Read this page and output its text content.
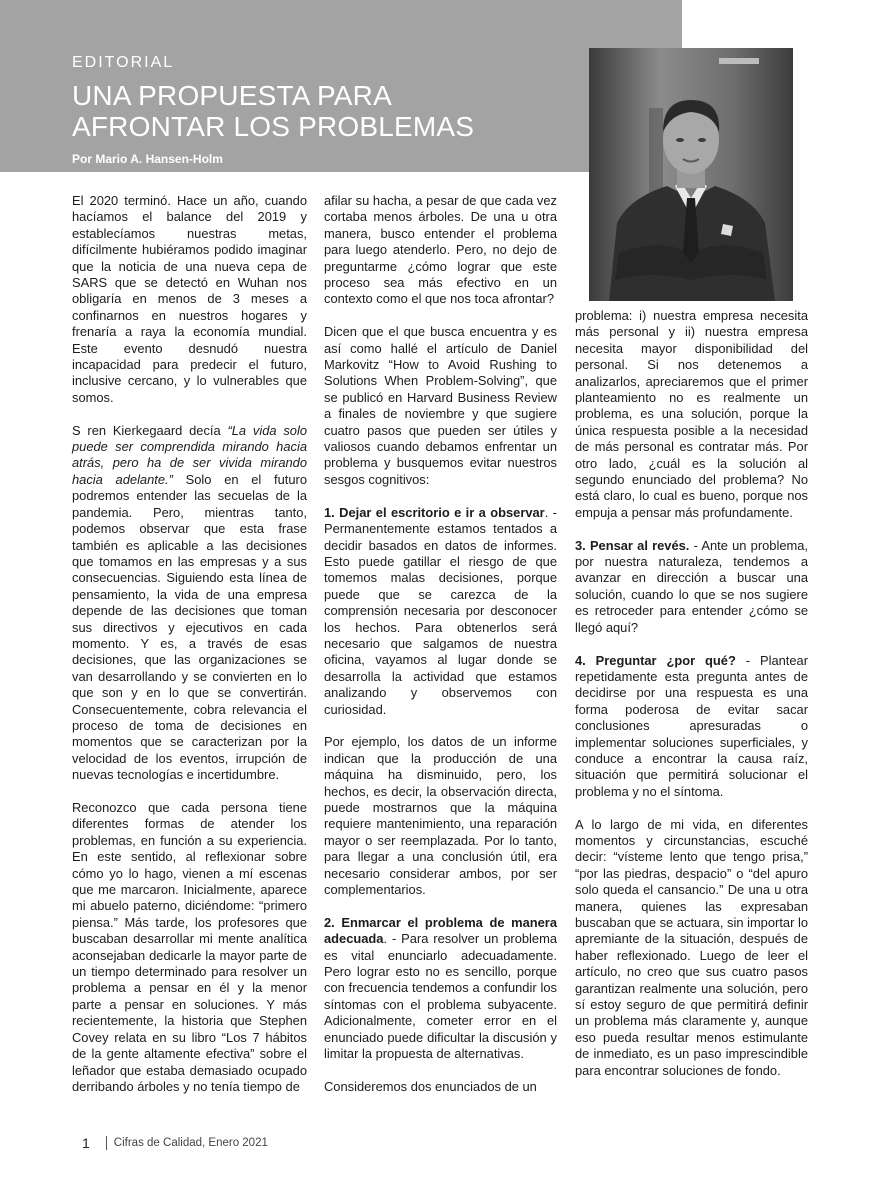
EDITORIAL
UNA PROPUESTA PARA
AFRONTAR LOS PROBLEMAS
Por Mario A. Hansen-Holm

El 2020 terminó. Hace un año, cuando hacíamos el balance del 2019 y establecíamos nuestras metas, difícilmente hubiéramos podido imaginar que la noticia de una nueva cepa de SARS que se detectó en Wuhan nos obligaría en menos de 3 meses a confinarnos en nuestros hogares y frenaría a raya la economía mundial. Este evento desnudó nuestra incapacidad para predecir el futuro, inclusive cercano, y lo vulnerables que somos.

S ren Kierkegaard decía “La vida solo puede ser comprendida mirando hacia atrás, pero ha de ser vivida mirando hacia adelante.” Solo en el futuro podremos entender las secuelas de la pandemia. Pero, mientras tanto, podemos observar que esta frase también es aplicable a las decisiones que tomamos en las empresas y a sus consecuencias. Siguiendo esta línea de pensamiento, la vida de una empresa depende de las decisiones que toman sus directivos y ejecutivos en cada momento. Y es, a través de esas decisiones, que las organizaciones se van desarrollando y se convierten en lo que son y en lo que se convertirán. Consecuentemente, cobra relevancia el proceso de toma de decisiones en momentos que se caracterizan por la velocidad de los eventos, irrupción de nuevas tecnologías e incertidumbre.

Reconozco que cada persona tiene diferentes formas de atender los problemas, en función a su experiencia. En este sentido, al reflexionar sobre cómo yo lo hago, vienen a mí escenas que me marcaron. Inicialmente, aparece mi abuelo paterno, diciéndome: “primero piensa.” Más tarde, los profesores que buscaban desarrollar mi mente analítica aconsejaban dedicarle la mayor parte de un tiempo determinado para resolver un problema a pensar en él y la menor parte a pensar en soluciones. Y más recientemente, la historia que Stephen Covey relata en su libro “Los 7 hábitos de la gente altamente efectiva” sobre el leñador que estaba demasiado ocupado derribando árboles y no tenía tiempo de

afilar su hacha, a pesar de que cada vez cortaba menos árboles. De una u otra manera, busco entender el problema para luego atenderlo. Pero, no dejo de preguntarme ¿cómo lograr que este proceso sea más efectivo en un contexto como el que nos toca afrontar?

Dicen que el que busca encuentra y es así como hallé el artículo de Daniel Markovitz “How to Avoid Rushing to Solutions When Problem-Solving”, que se publicó en Harvard Business Review a finales de noviembre y que sugiere cuatro pasos que pueden ser útiles y valiosos cuando debamos enfrentar un problema y busquemos evitar nuestros sesgos cognitivos:

1. Dejar el escritorio e ir a observar. - Permanentemente estamos tentados a decidir basados en datos de informes. Esto puede gatillar el riesgo de que tomemos malas decisiones, porque puede que se carezca de la comprensión necesaria por desconocer los hechos. Para obtenerlos será necesario que salgamos de nuestra oficina, vayamos al lugar donde se desarrolla la actividad que estamos analizando y observemos con curiosidad.

Por ejemplo, los datos de un informe indican que la producción de una máquina ha disminuido, pero, los hechos, es decir, la observación directa, puede mostrarnos que la máquina requiere mantenimiento, una reparación mayor o ser reemplazada. Por lo tanto, para llegar a una conclusión útil, era necesario considerar ambos, por ser complementarios.

2. Enmarcar el problema de manera adecuada. - Para resolver un problema es vital enunciarlo adecuadamente. Pero lograr esto no es sencillo, porque con frecuencia tendemos a confundir los síntomas con el problema subyacente. Adicionalmente, cometer error en el enunciado puede dificultar la discusión y limitar la propuesta de alternativas.

Consideremos dos enunciados de un

problema: i) nuestra empresa necesita más personal y ii) nuestra empresa necesita mayor disponibilidad del personal. Si nos detenemos a analizarlos, apreciaremos que el primer planteamiento no es realmente un problema, es una solución, porque la única respuesta posible a la necesidad de más personal es contratar más. Por otro lado, ¿cuál es la solución al segundo enunciado del problema? No está claro, lo cual es bueno, porque nos empuja a pensar más profundamente.

3. Pensar al revés. - Ante un problema, por nuestra naturaleza, tendemos a avanzar en dirección a buscar una solución, cuando lo que se nos sugiere es retroceder para entender ¿cómo se llegó aquí?

4. Preguntar ¿por qué? - Plantear repetidamente esta pregunta antes de decidirse por una respuesta es una forma poderosa de evitar sacar conclusiones apresuradas o implementar soluciones superficiales, y conduce a encontrar la causa raíz, situación que permitirá solucionar el problema y no el síntoma.

A lo largo de mi vida, en diferentes momentos y circunstancias, escuché decir: “vísteme lento que tengo prisa,” “por las piedras, despacio” o “del apuro solo queda el cansancio.” De una u otra manera, quienes las expresaban buscaban que se actuara, sin importar lo apremiante de la situación, después de haber reflexionado. Luego de leer el artículo, no creo que sus cuatro pasos garantizan realmente una solución, pero sí estoy seguro de que permitirá definir un problema más claramente y, aunque eso pueda resultar menos estimulante de inmediato, es un paso imprescindible para encontrar soluciones de fondo.

1 Cifras de Calidad, Enero 2021
